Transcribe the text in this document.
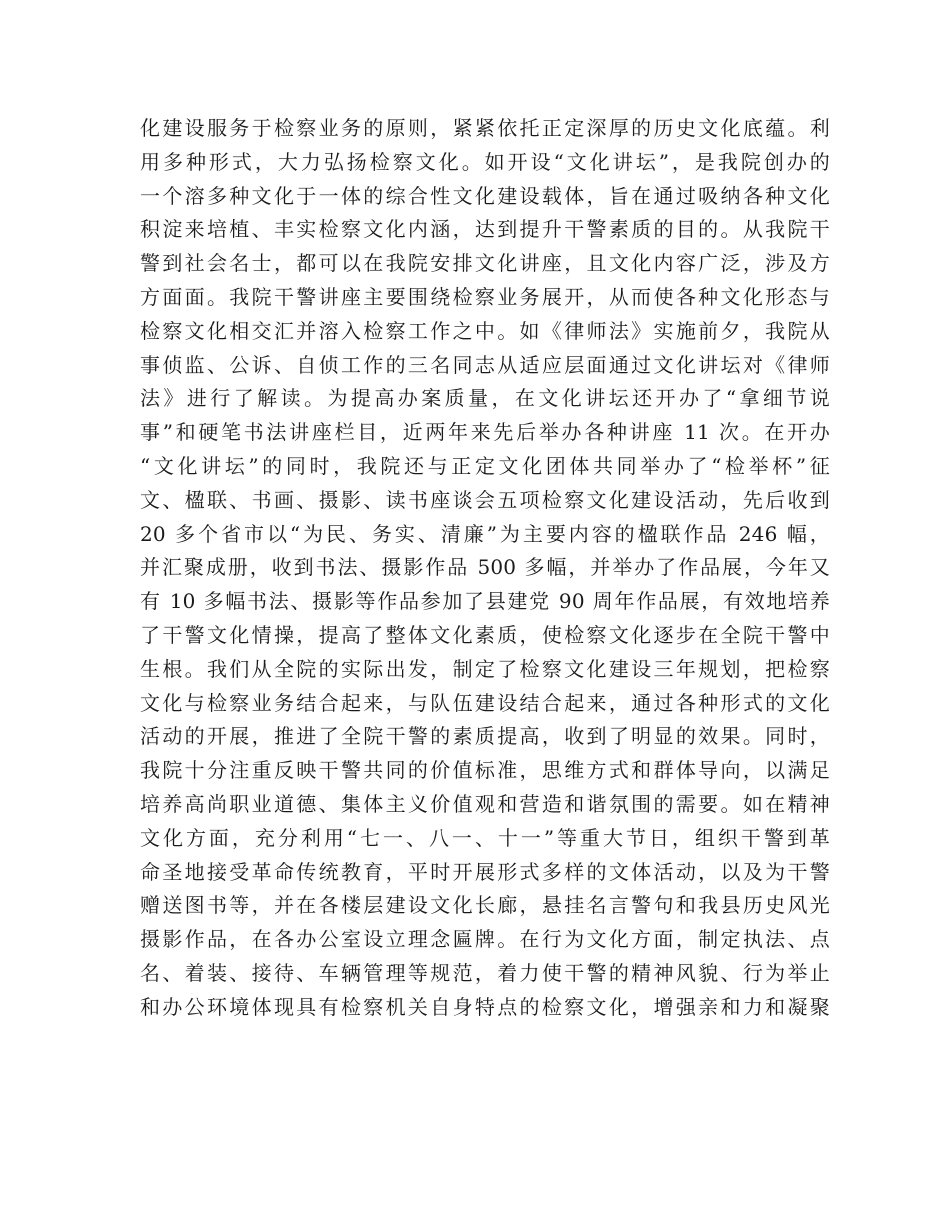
化建设服务于检察业务的原则，紧紧依托正定深厚的历史文化底蕴。利
用多种形式，大力弘扬检察文化。如开设“文化讲坛”，是我院创办的
一个溶多种文化于一体的综合性文化建设载体，旨在通过吸纳各种文化
积淀来培植、丰实检察文化内涵，达到提升干警素质的目的。从我院干
警到社会名士，都可以在我院安排文化讲座，且文化内容广泛，涉及方
方面面。我院干警讲座主要围绕检察业务展开，从而使各种文化形态与
检察文化相交汇并溶入检察工作之中。如《律师法》实施前夕，我院从
事侦监、公诉、自侦工作的三名同志从适应层面通过文化讲坛对《律师
法》进行了解读。为提高办案质量，在文化讲坛还开办了“拿细节说
事”和硬笔书法讲座栏目，近两年来先后举办各种讲座 11 次。在开办
“文化讲坛”的同时，我院还与正定文化团体共同举办了“检举杯”征
文、楹联、书画、摄影、读书座谈会五项检察文化建设活动，先后收到
20 多个省市以“为民、务实、清廉”为主要内容的楹联作品 246 幅，
并汇聚成册，收到书法、摄影作品 500 多幅，并举办了作品展，今年又
有 10 多幅书法、摄影等作品参加了县建党 90 周年作品展，有效地培养
了干警文化情操，提高了整体文化素质，使检察文化逐步在全院干警中
生根。我们从全院的实际出发，制定了检察文化建设三年规划，把检察
文化与检察业务结合起来，与队伍建设结合起来，通过各种形式的文化
活动的开展，推进了全院干警的素质提高，收到了明显的效果。同时，
我院十分注重反映干警共同的价值标准，思维方式和群体导向，以满足
培养高尚职业道德、集体主义价值观和营造和谐氛围的需要。如在精神
文化方面，充分利用“七一、八一、十一”等重大节日，组织干警到革
命圣地接受革命传统教育，平时开展形式多样的文体活动，以及为干警
赠送图书等，并在各楼层建设文化长廊，悬挂名言警句和我县历史风光
摄影作品，在各办公室设立理念匾牌。在行为文化方面，制定执法、点
名、着装、接待、车辆管理等规范，着力使干警的精神风貌、行为举止
和办公环境体现具有检察机关自身特点的检察文化，增强亲和力和凝聚
